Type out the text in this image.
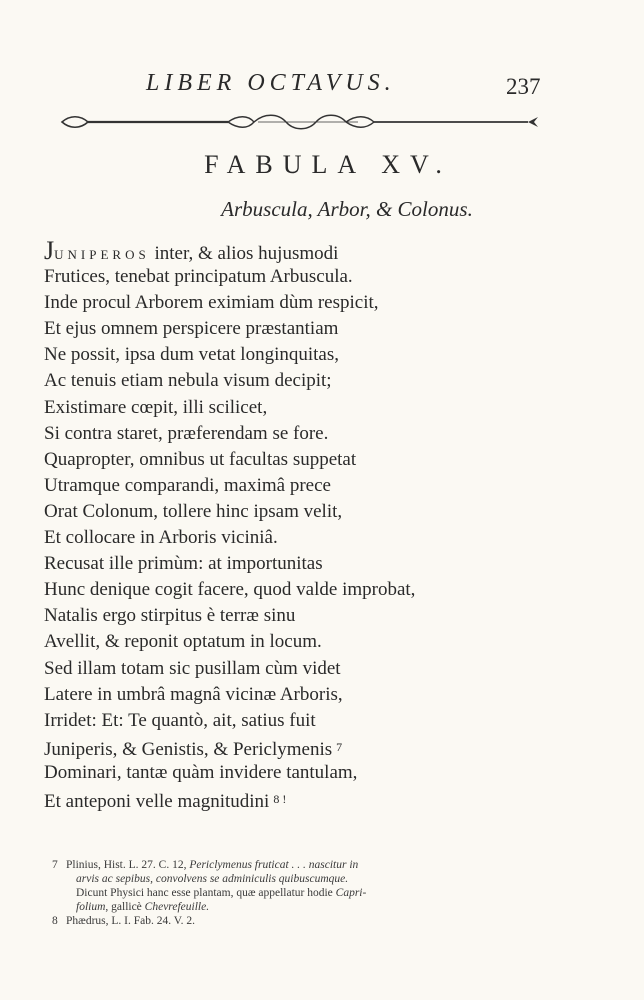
LIBER OCTAVUS.	237
FABULA XV.
Arbuscula, Arbor, & Colonus.
JUNIPEROS inter, & alios hujusmodi
Frutices, tenebat principatum Arbuscula.
Inde procul Arborem eximiam dùm respicit,
Et ejus omnem perspicere præstantiam
Ne possit, ipsa dum vetat longinquitas,
Ac tenuis etiam nebula visum decipit;
Existimare cœpit, illi scilicet,
Si contra staret, præferendam se fore.
Quapropter, omnibus ut facultas suppetat
Utramque comparandi, maximâ prece
Orat Colonum, tollere hinc ipsam velit,
Et collocare in Arboris viciniâ.
Recusat ille primùm: at importunitas
Hunc denique cogit facere, quod valde improbat,
Natalis ergo stirpitus è terræ sinu
Avellit, & reponit optatum in locum.
Sed illam totam sic pusillam cùm videt
Latere in umbrâ magnâ vicinæ Arboris,
Irridet: Et: Te quantò, ait, satius fuit
Juniperis, & Genistis, & Periclymenis $^7$
Dominari, tantæ quàm invidere tantulam,
Et anteponi velle magnitudini $^{8 !}$
7 Plinius, Hist. L. 27. C. 12, Periclymenus fruticat . . . nascitur in
arvis ac sepibus, convolvens se adminiculis quibuscumque.
Dicunt Physici hanc esse plantam, quæ appellatur hodie Capri-
folium, gallicè Chevrefeuille.
8 Phædrus, L. I. Fab. 24. V. 2.
